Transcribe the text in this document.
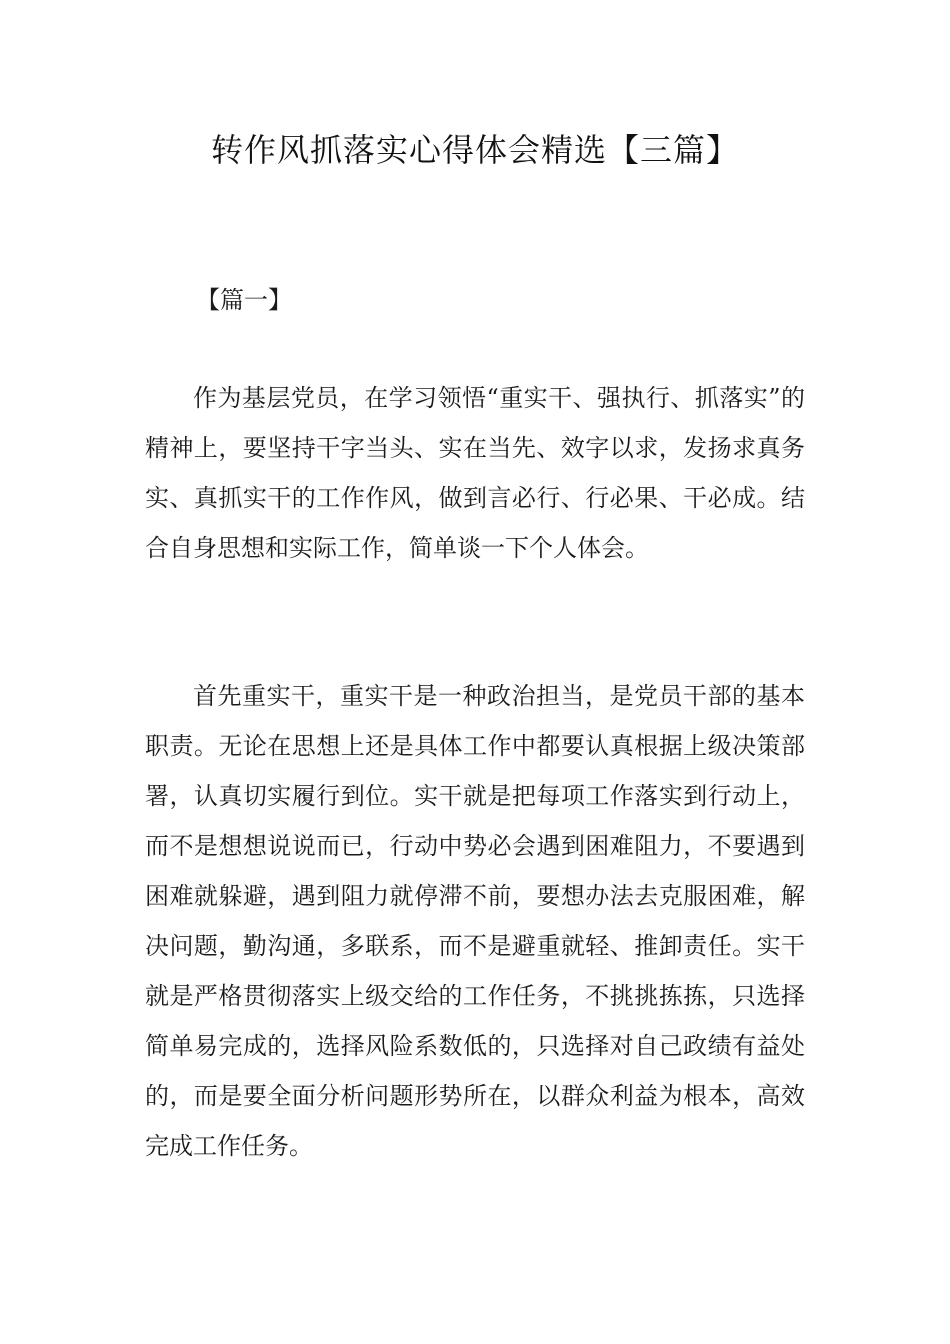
转作风抓落实心得体会精选【三篇】
【篇一】

作为基层党员，在学习领悟“重实干、强执行、抓落实”的精神上，要坚持干字当头、实在当先、效字以求，发扬求真务实、真抓实干的工作作风，做到言必行、行必果、干必成。结合自身思想和实际工作，简单谈一下个人体会。

首先重实干，重实干是一种政治担当，是党员干部的基本职责。无论在思想上还是具体工作中都要认真根据上级决策部署，认真切实履行到位。实干就是把每项工作落实到行动上，而不是想想说说而已，行动中势必会遇到困难阻力，不要遇到困难就躲避，遇到阻力就停滞不前，要想办法去克服困难，解决问题，勤沟通，多联系，而不是避重就轻、推卸责任。实干就是严格贯彻落实上级交给的工作任务，不挑挑拣拣，只选择简单易完成的，选择风险系数低的，只选择对自己政绩有益处的，而是要全面分析问题形势所在，以群众利益为根本，高效完成工作任务。
